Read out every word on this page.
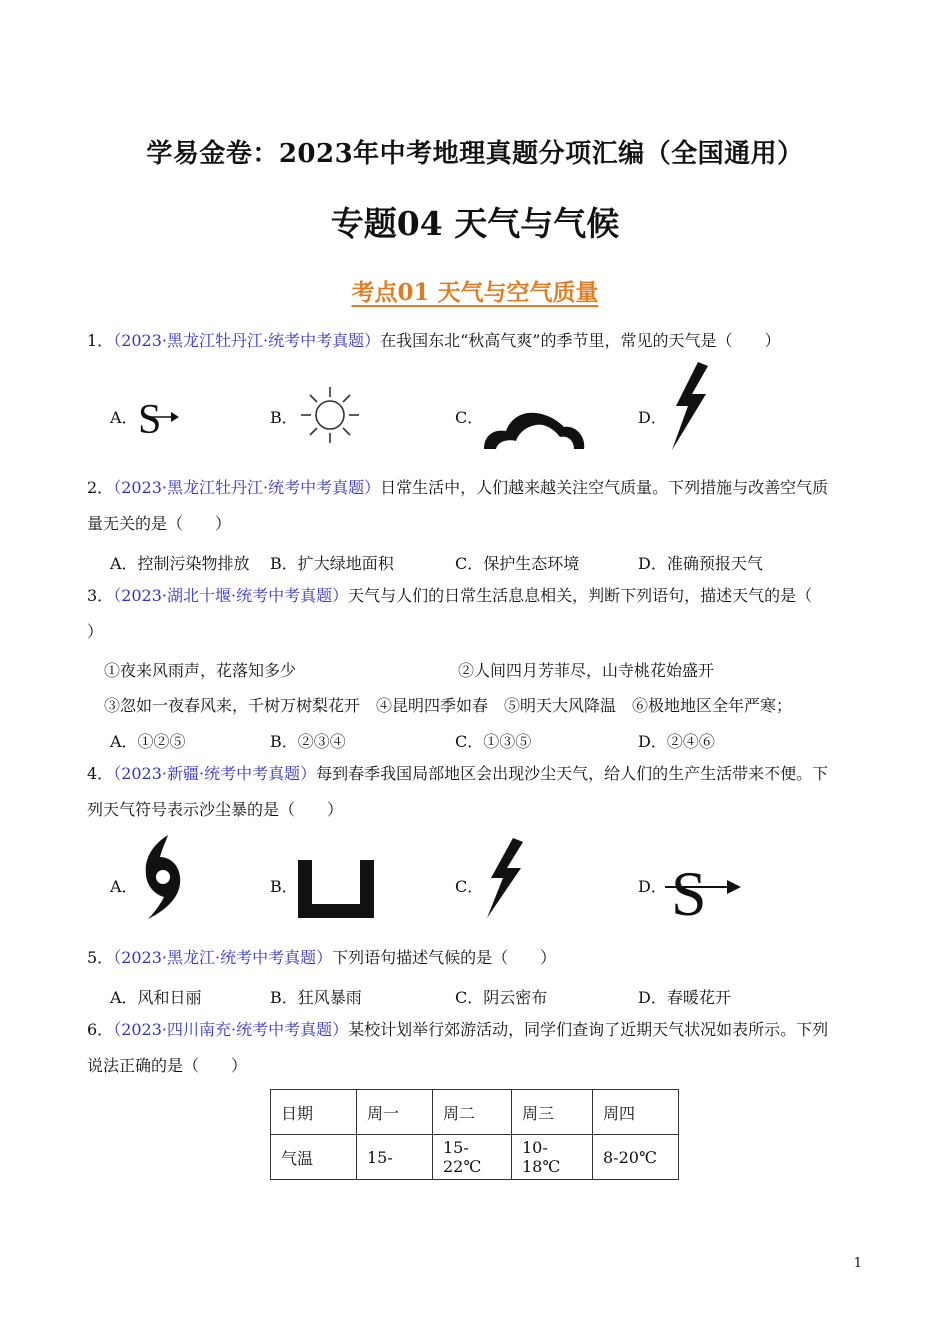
学易金卷：2023年中考地理真题分项汇编（全国通用）
专题04 天气与气候
考点01 天气与空气质量
1．（2023·黑龙江牡丹江·统考中考真题）在我国东北“秋高气爽”的季节里，常见的天气是（　　）
A．	B．	C．	D．
S
2．（2023·黑龙江牡丹江·统考中考真题）日常生活中，人们越来越关注空气质量。下列措施与改善空气质
量无关的是（　　）
A．控制污染物排放 B．扩大绿地面积	C．保护生态环境	D．准确预报天气
3．（2023·湖北十堰·统考中考真题）天气与人们的日常生活息息相关，判断下列语句，描述天气的是（
）
①夜来风雨声，花落知多少	②人间四月芳菲尽，山寺桃花始盛开
③忽如一夜春风来，千树万树梨花开　④昆明四季如春　⑤明天大风降温　⑥极地地区全年严寒；
A．①②⑤	B．②③④	C．①③⑤	D．②④⑥
4．（2023·新疆·统考中考真题）每到春季我国局部地区会出现沙尘天气，给人们的生产生活带来不便。下
列天气符号表示沙尘暴的是（　　）
A．	B．	C．	D． S
5．（2023·黑龙江·统考中考真题）下列语句描述气候的是（　　）
A．风和日丽	B．狂风暴雨	C．阴云密布	D．春暖花开
6．（2023·四川南充·统考中考真题）某校计划举行郊游活动，同学们查询了近期天气状况如表所示。下列
说法正确的是（　　）
日期	周一	周二	周三	周四
气温	15-	15-22℃	10-18℃	8-20℃
1
